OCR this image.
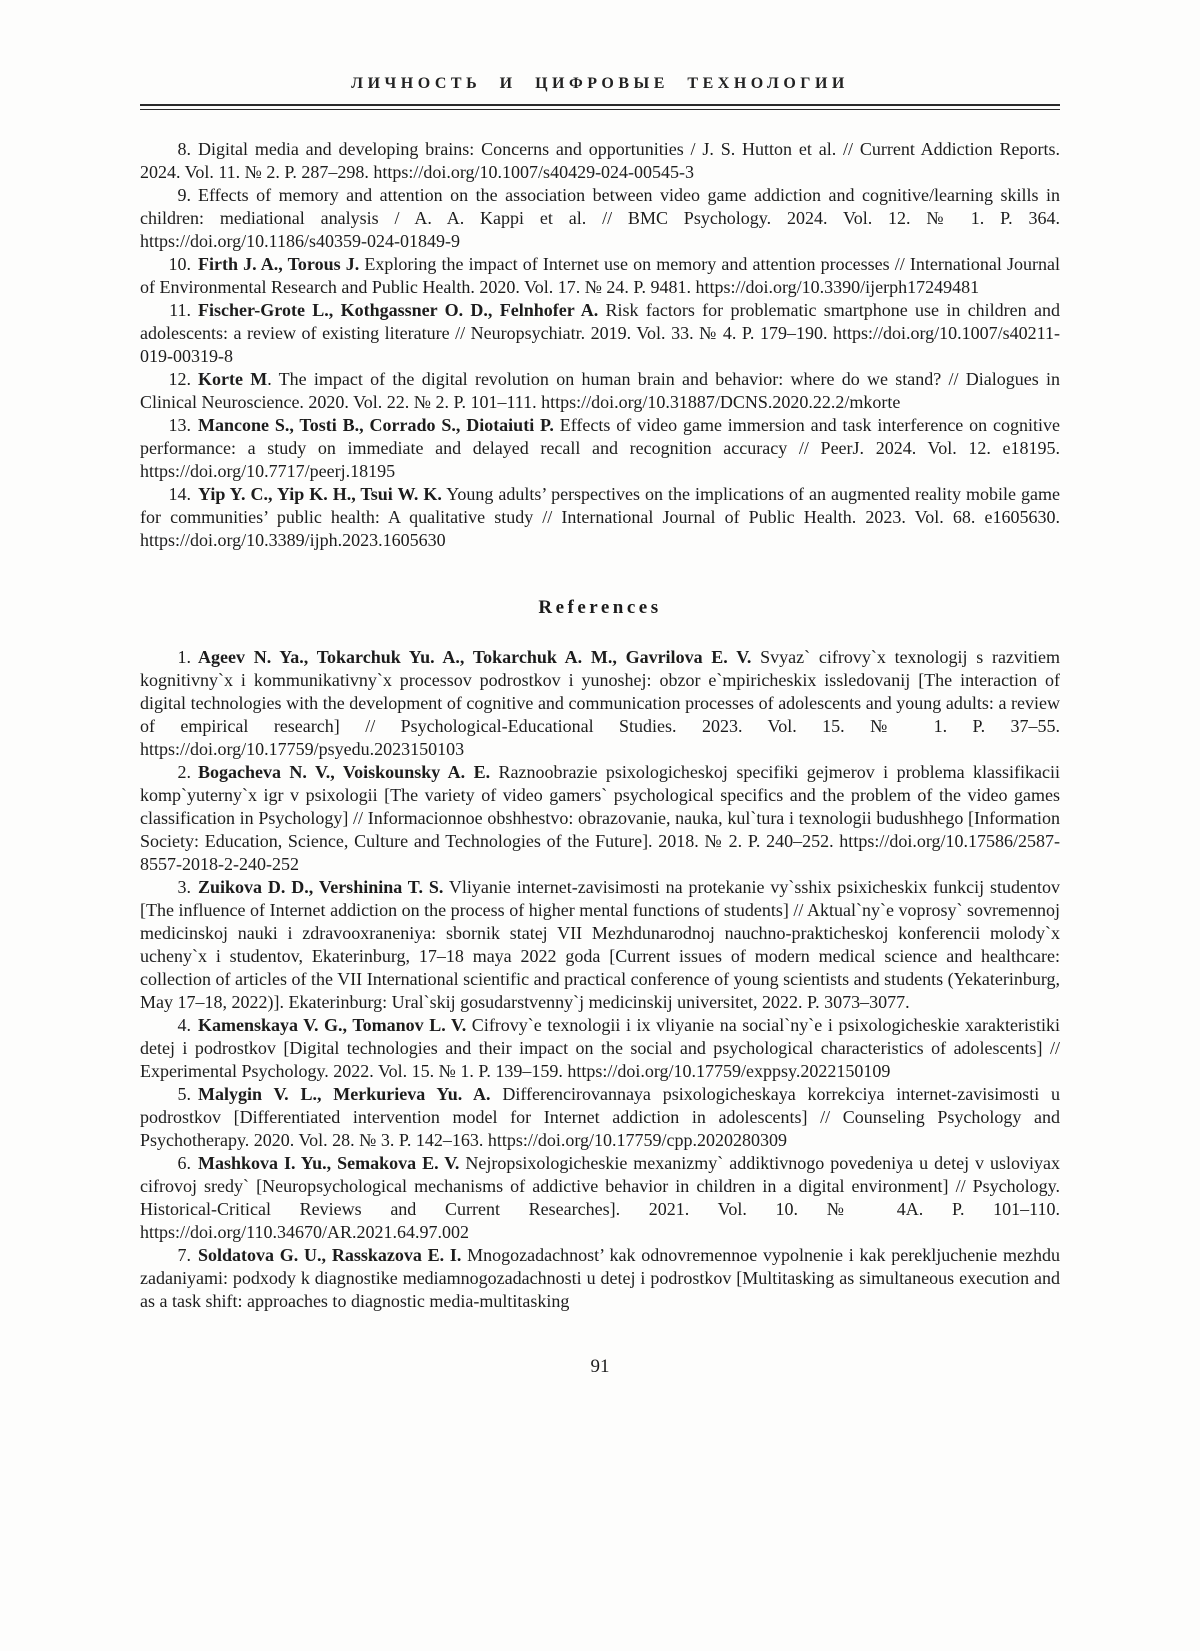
ЛИЧНОСТЬ И ЦИФРОВЫЕ ТЕХНОЛОГИИ

8. Digital media and developing brains: Concerns and opportunities / J. S. Hutton et al. // Current Addiction Reports. 2024. Vol. 11. № 2. P. 287–298. https://doi.org/10.1007/s40429-024-00545-3

9. Effects of memory and attention on the association between video game addiction and cognitive/learning skills in children: mediational analysis / A. A. Kappi et al. // BMC Psychology. 2024. Vol. 12. № 1. P. 364. https://doi.org/10.1186/s40359-024-01849-9

10. Firth J. A., Torous J. Exploring the impact of Internet use on memory and attention processes // International Journal of Environmental Research and Public Health. 2020. Vol. 17. № 24. P. 9481. https://doi.org/10.3390/ijerph17249481

11. Fischer-Grote L., Kothgassner O. D., Felnhofer A. Risk factors for problematic smartphone use in children and adolescents: a review of existing literature // Neuropsychiatr. 2019. Vol. 33. № 4. P. 179–190. https://doi.org/10.1007/s40211-019-00319-8

12. Korte M. The impact of the digital revolution on human brain and behavior: where do we stand? // Dialogues in Clinical Neuroscience. 2020. Vol. 22. № 2. P. 101–111. https://doi.org/10.31887/DCNS.2020.22.2/mkorte

13. Mancone S., Tosti B., Corrado S., Diotaiuti P. Effects of video game immersion and task interference on cognitive performance: a study on immediate and delayed recall and recognition accuracy // PeerJ. 2024. Vol. 12. e18195. https://doi.org/10.7717/peerj.18195

14. Yip Y. C., Yip K. H., Tsui W. K. Young adults’ perspectives on the implications of an augmented reality mobile game for communities’ public health: A qualitative study // International Journal of Public Health. 2023. Vol. 68. e1605630. https://doi.org/10.3389/ijph.2023.1605630

References

1. Ageev N. Ya., Tokarchuk Yu. A., Tokarchuk A. M., Gavrilova E. V. Svyaz` cifrovy`x texnologij s razvitiem kognitivny`x i kommunikativny`x processov podrostkov i yunoshej: obzor e`mpiricheskix issledovanij [The interaction of digital technologies with the development of cognitive and communication processes of adolescents and young adults: a review of empirical research] // Psychological-Educational Studies. 2023. Vol. 15. № 1. P. 37–55. https://doi.org/10.17759/psyedu.2023150103

2. Bogacheva N. V., Voiskounsky A. E. Raznoobrazie psixologicheskoj specifiki gejmerov i problema klassifikacii komp`yuterny`x igr v psixologii [The variety of video gamers` psychological specifics and the problem of the video games classification in Psychology] // Informacionnoe obshhestvo: obrazovanie, nauka, kul`tura i texnologii budushhego [Information Society: Education, Science, Culture and Technologies of the Future]. 2018. № 2. P. 240–252. https://doi.org/10.17586/2587-8557-2018-2-240-252

3. Zuikova D. D., Vershinina T. S. Vliyanie internet-zavisimosti na protekanie vy`sshix psixicheskix funkcij studentov [The influence of Internet addiction on the process of higher mental functions of students] // Aktual`ny`e voprosy` sovremennoj medicinskoj nauki i zdravooxraneniya: sbornik statej VII Mezhdunarodnoj nauchno-prakticheskoj konferencii molody`x ucheny`x i studentov, Ekaterinburg, 17–18 maya 2022 goda [Current issues of modern medical science and healthcare: collection of articles of the VII International scientific and practical conference of young scientists and students (Yekaterinburg, May 17–18, 2022)]. Ekaterinburg: Ural`skij gosudarstvenny`j medicinskij universitet, 2022. P. 3073–3077.

4. Kamenskaya V. G., Tomanov L. V. Cifrovy`e texnologii i ix vliyanie na social`ny`e i psixologicheskie xarakteristiki detej i podrostkov [Digital technologies and their impact on the social and psychological characteristics of adolescents] // Experimental Psychology. 2022. Vol. 15. № 1. P. 139–159. https://doi.org/10.17759/exppsy.2022150109

5. Malygin V. L., Merkurieva Yu. A. Differencirovannaya psixologicheskaya korrekciya internet-zavisimosti u podrostkov [Differentiated intervention model for Internet addiction in adolescents] // Counseling Psychology and Psychotherapy. 2020. Vol. 28. № 3. P. 142–163. https://doi.org/10.17759/cpp.2020280309

6. Mashkova I. Yu., Semakova E. V. Nejropsixologicheskie mexanizmy` addiktivnogo povedeniya u detej v usloviyax cifrovoj sredy` [Neuropsychological mechanisms of addictive behavior in children in a digital environment] // Psychology. Historical-Critical Reviews and Current Researches]. 2021. Vol. 10. № 4A. P. 101–110. https://doi.org/110.34670/AR.2021.64.97.002

7. Soldatova G. U., Rasskazova E. I. Mnogozadachnost’ kak odnovremennoe vypolnenie i kak perekljuchenie mezhdu zadaniyami: podxody k diagnostike mediamnogozadachnosti u detej i podrostkov [Multitasking as simultaneous execution and as a task shift: approaches to diagnostic media-multitasking

91
